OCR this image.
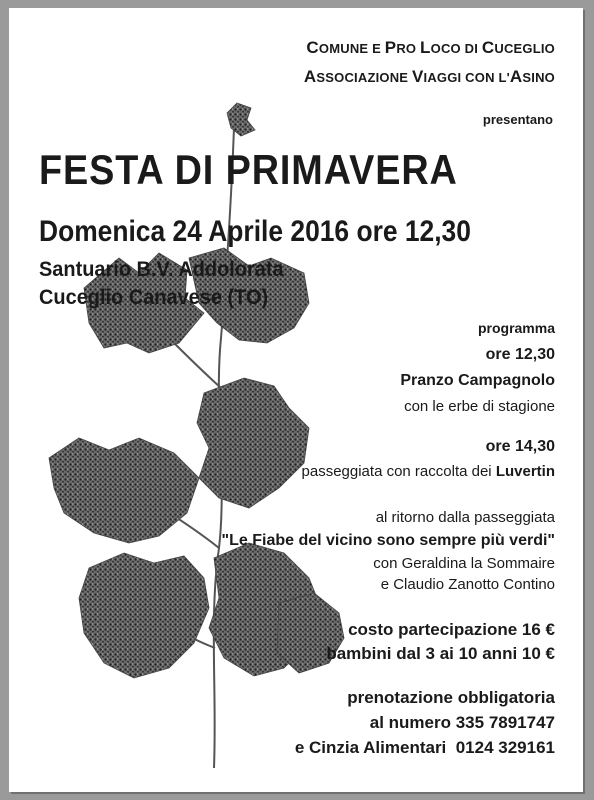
COMUNE E PRO LOCO DI CUCEGLIO
ASSOCIAZIONE VIAGGI CON L'ASINO
presentano
FESTA DI PRIMAVERA
Domenica 24 Aprile 2016 ore 12,30
Santuario B.V. Addolorata
Cuceglio Canavese (TO)
programma
ore 12,30
Pranzo Campagnolo
con le erbe di stagione
ore 14,30
passeggiata con raccolta dei Luvertin
al ritorno dalla passeggiata
"Le Fiabe del vicino sono sempre più verdi"
con Geraldina la Sommaire
e Claudio Zanotto Contino
costo partecipazione 16 €
bambini dal 3 ai 10 anni 10 €
prenotazione obbligatoria
al numero 335 7891747
e Cinzia Alimentari  0124 329161
